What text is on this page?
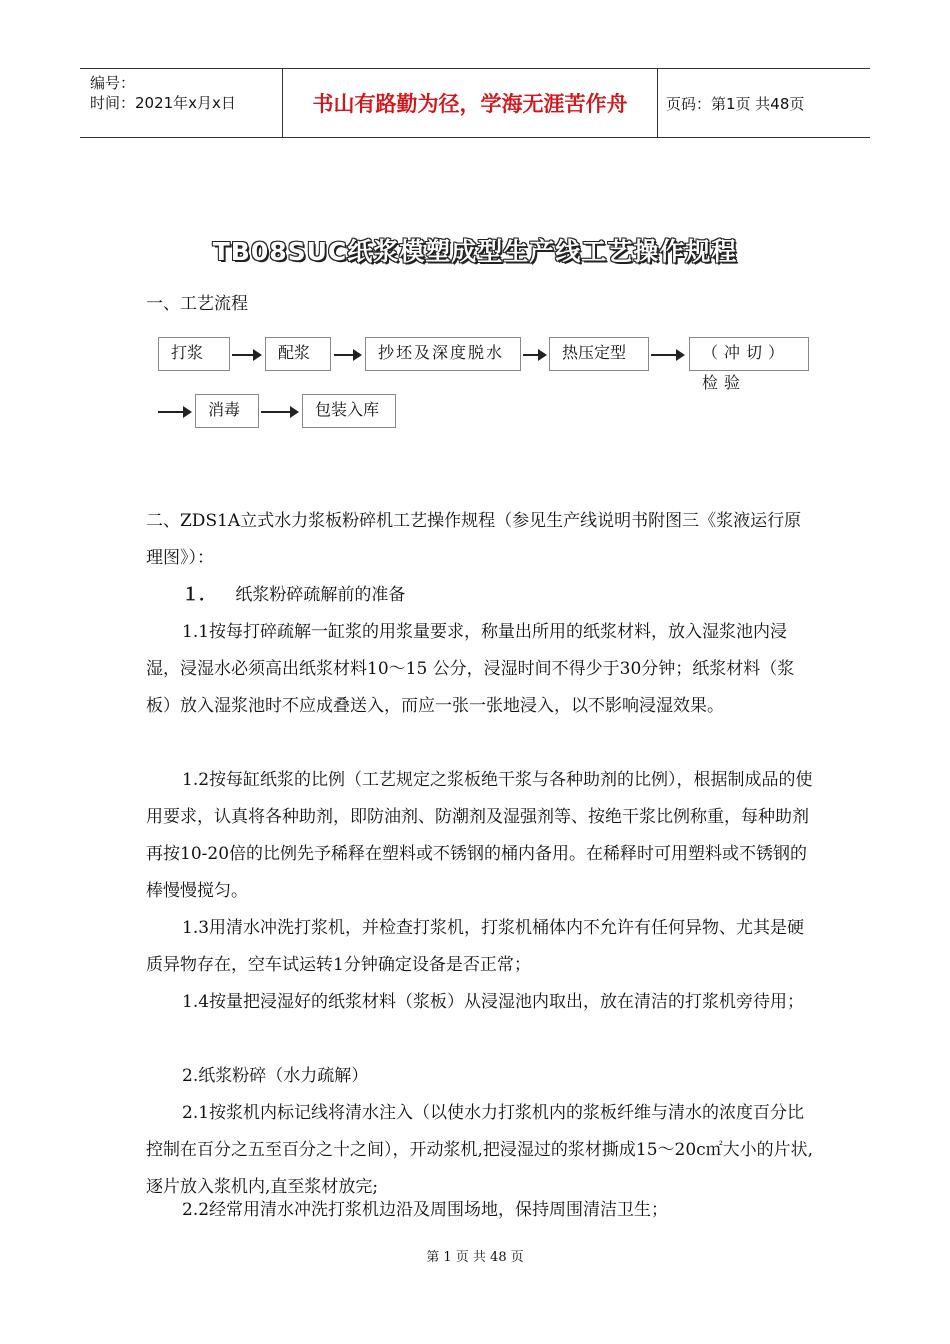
编号：
时间：2021年x月x日	书山有路勤为径，学海无涯苦作舟	页码：第1页 共48页
TB08SUC纸浆模塑成型生产线工艺操作规程
一、工艺流程
打浆	配浆	抄坯及深度脱水	热压定型	（冲切）检验
消毒	包装入库

二、ZDS1A立式水力浆板粉碎机工艺操作规程（参见生产线说明书附图三《浆液运行原理图》）：

１． 纸浆粉碎疏解前的准备

1.1按每打碎疏解一缸浆的用浆量要求，称量出所用的纸浆材料，放入湿浆池内浸湿，浸湿水必须高出纸浆材料10～15 公分，浸湿时间不得少于30分钟；纸浆材料（浆板）放入湿浆池时不应成叠送入，而应一张一张地浸入，以不影响浸湿效果。

1.2按每缸纸浆的比例（工艺规定之浆板绝干浆与各种助剂的比例），根据制成品的使用要求，认真将各种助剂，即防油剂、防潮剂及湿强剂等、按绝干浆比例称重，每种助剂再按10-20倍的比例先予稀释在塑料或不锈钢的桶内备用。在稀释时可用塑料或不锈钢的棒慢慢搅匀。

1.3用清水冲洗打浆机，并检查打浆机，打浆机桶体内不允许有任何异物、尤其是硬质异物存在，空车试运转1分钟确定设备是否正常；

1.4按量把浸湿好的纸浆材料（浆板）从浸湿池内取出，放在清洁的打浆机旁待用；

2.纸浆粉碎（水力疏解）

2.1按浆机内标记线将清水注入（以使水力打浆机内的浆板纤维与清水的浓度百分比控制在百分之五至百分之十之间），开动浆机,把浸湿过的浆材撕成15～20c㎡大小的片状,逐片放入浆机内,直至浆材放完;

2.2经常用清水冲洗打浆机边沿及周围场地，保持周围清洁卫生；

第 1 页 共 48 页
